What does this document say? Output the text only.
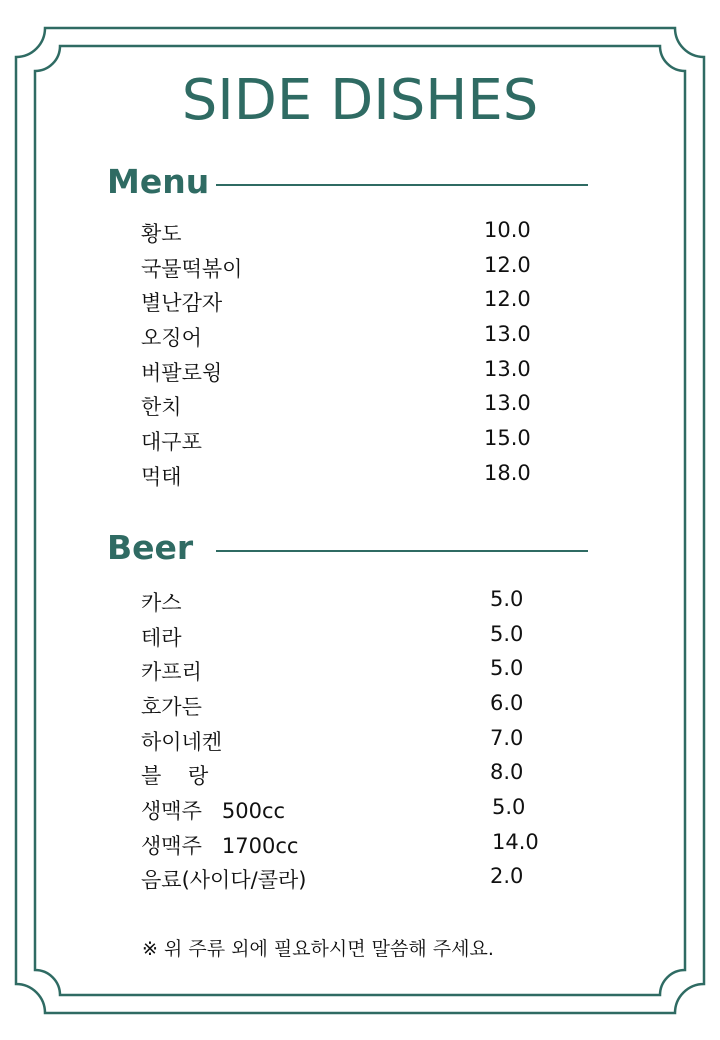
SIDE DISHES
Menu
황도	10.0
국물떡볶이	12.0
별난감자	12.0
오징어	13.0
버팔로윙	13.0
한치	13.0
대구포	15.0
먹태	18.0
Beer
카스	5.0
테라	5.0
카프리	5.0
호가든	6.0
하이네켄	7.0
블    랑	8.0
생맥주   500cc	5.0
생맥주   1700cc	14.0
음료(사이다/콜라)	2.0
※ 위 주류 외에 필요하시면 말씀해 주세요.
